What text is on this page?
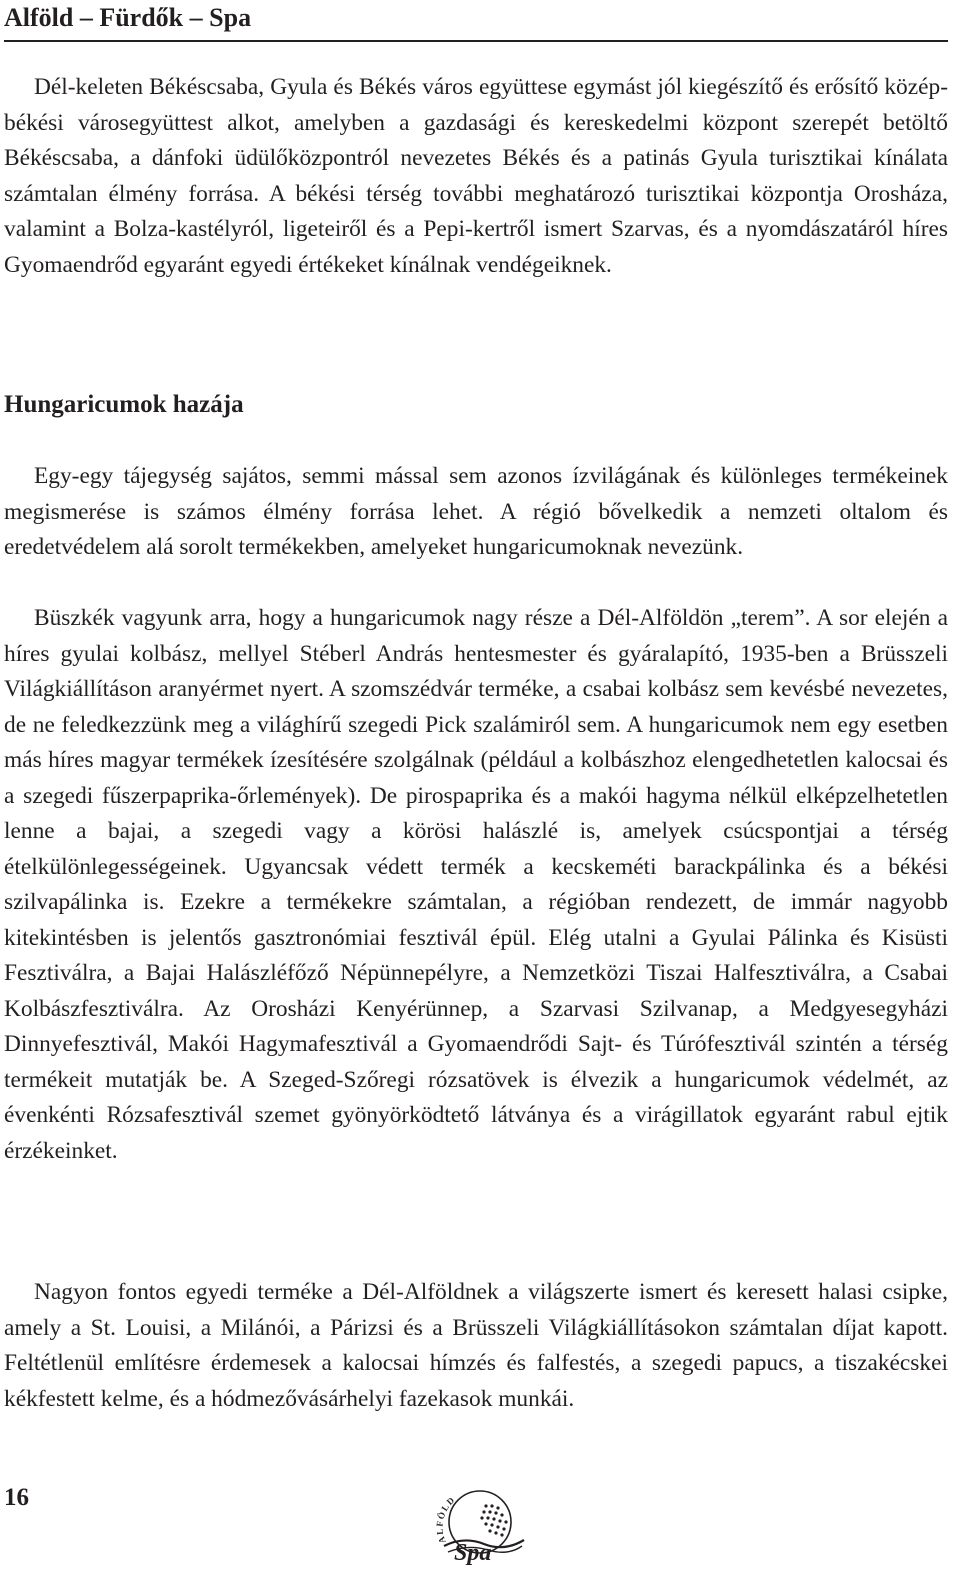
Alföld – Fürdők – Spa

Dél-keleten Békéscsaba, Gyula és Békés város együttese egymást jól kiegészítő és erősítő közép-békési városegyüttest alkot, amelyben a gazdasági és kereskedelmi központ szerepét betöltő Békéscsaba, a dánfoki üdülőközpontról nevezetes Békés és a patinás Gyula turisztikai kínálata számtalan élmény forrása. A békési térség további meghatározó turisztikai központja Orosháza, valamint a Bolza-kastélyról, ligeteiről és a Pepi-kertről ismert Szarvas, és a nyomdászatáról híres Gyomaendrőd egyaránt egyedi értékeket kínálnak vendégeiknek.

Hungaricumok hazája

Egy-egy tájegység sajátos, semmi mással sem azonos ízvilágának és különleges termékeinek megismerése is számos élmény forrása lehet. A régió bővelkedik a nemzeti oltalom és eredetvédelem alá sorolt termékekben, amelyeket hungaricumoknak nevezünk.

Büszkék vagyunk arra, hogy a hungaricumok nagy része a Dél-Alföldön „terem”. A sor elején a híres gyulai kolbász, mellyel Stéberl András hentesmester és gyáralapító, 1935-ben a Brüsszeli Világkiállításon aranyérmet nyert. A szomszédvár terméke, a csabai kolbász sem kevésbé nevezetes, de ne feledkezzünk meg a világhírű szegedi Pick szalámiról sem. A hungaricumok nem egy esetben más híres magyar termékek ízesítésére szolgálnak (például a kolbászhoz elengedhetetlen kalocsai és a szegedi fűszerpaprika-őrlemények). De pirospaprika és a makói hagyma nélkül elképzelhetetlen lenne a bajai, a szegedi vagy a körösi halászlé is, amelyek csúcspontjai a térség ételkülönlegességeinek. Ugyancsak védett termék a kecskeméti barackpálinka és a békési szilvapálinka is. Ezekre a termékekre számtalan, a régióban rendezett, de immár nagyobb kitekintésben is jelentős gasztronómiai fesztivál épül. Elég utalni a Gyulai Pálinka és Kisüsti Fesztiválra, a Bajai Halászléfőző Népünnepélyre, a Nemzetközi Tiszai Halfesztiválra, a Csabai Kolbászfesztiválra. Az Orosházi Kenyérünnep, a Szarvasi Szilvanap, a Medgyesegyházi Dinnyefesztivál, Makói Hagymafesztivál a Gyomaendrődi Sajt- és Túrófesztivál szintén a térség termékeit mutatják be. A Szeged-Szőregi rózsatövek is élvezik a hungaricumok védelmét, az évenkénti Rózsafesztivál szemet gyönyörködtető látványa és a virágillatok egyaránt rabul ejtik érzékeinket.

Nagyon fontos egyedi terméke a Dél-Alföldnek a világszerte ismert és keresett halasi csipke, amely a St. Louisi, a Milánói, a Párizsi és a Brüsszeli Világkiállításokon számtalan díjat kapott. Feltétlenül említésre érdemesek a kalocsai hímzés és falfestés, a szegedi papucs, a tiszakécskei kékfestett kelme, és a hódmezővásárhelyi fazekasok munkái.

16
ALFÖLD
Spa
